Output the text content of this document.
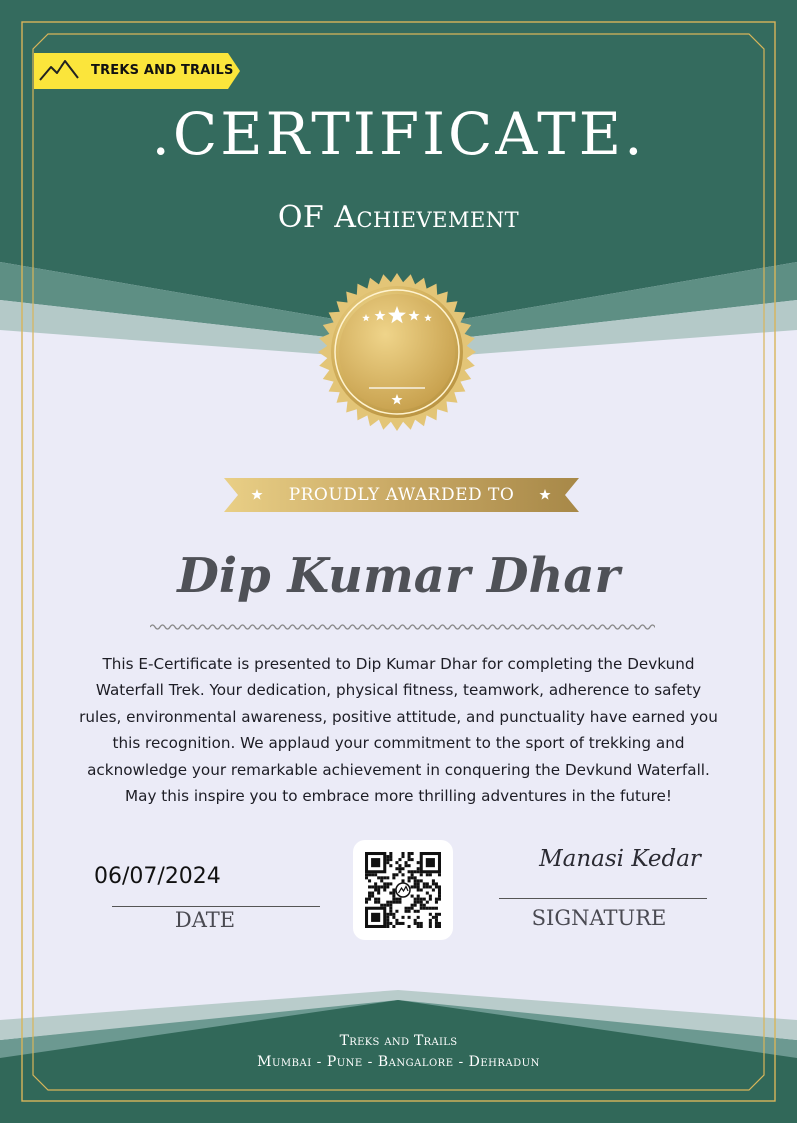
TREKS AND TRAILS
.CERTIFICATE.
OF Achievement
PROUDLY AWARDED TO
Dip Kumar Dhar
This E-Certificate is presented to Dip Kumar Dhar for completing the Devkund
Waterfall Trek. Your dedication, physical fitness, teamwork, adherence to safety
rules, environmental awareness, positive attitude, and punctuality have earned you
this recognition. We applaud your commitment to the sport of trekking and
acknowledge your remarkable achievement in conquering the Devkund Waterfall.
May this inspire you to embrace more thrilling adventures in the future!
06/07/2024
DATE
Manasi Kedar
SIGNATURE
Treks and Trails
Mumbai - Pune - Bangalore - Dehradun
